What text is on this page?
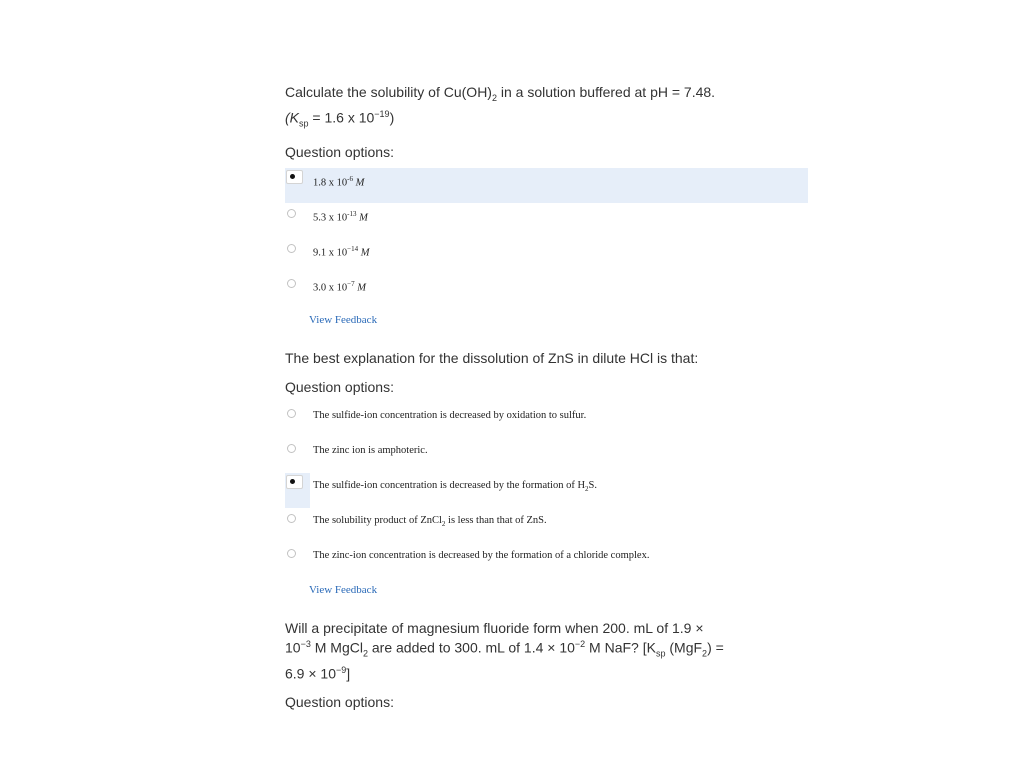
Calculate the solubility of $Cu(OH)_2$ in a solution buffered at pH = 7.48.
($K_{sp} = 1.6$ x $10^{-19}$)
Question options:
1.8 x $10^{-6}$ M
5.3 x $10^{-13}$ M
9.1 x $10^{-14}$ M
3.0 x $10^{-7}$ M
View Feedback
The best explanation for the dissolution of ZnS in dilute HCl is that:
Question options:
The sulfide-ion concentration is decreased by oxidation to sulfur.
The zinc ion is amphoteric.
The sulfide-ion concentration is decreased by the formation of $H_2S$.
The solubility product of ZnCl$_2$ is less than that of ZnS.
The zinc-ion concentration is decreased by the formation of a chloride complex.
View Feedback
Will a precipitate of magnesium fluoride form when 200. mL of 1.9 ×
$10^{-3}$ M MgCl$_2$ are added to 300. mL of $1.4 \times 10^{-2}$ M NaF? [$K_{sp}$ (MgF$_2$) =
$6.9 \times 10^{-9}$]
Question options:
